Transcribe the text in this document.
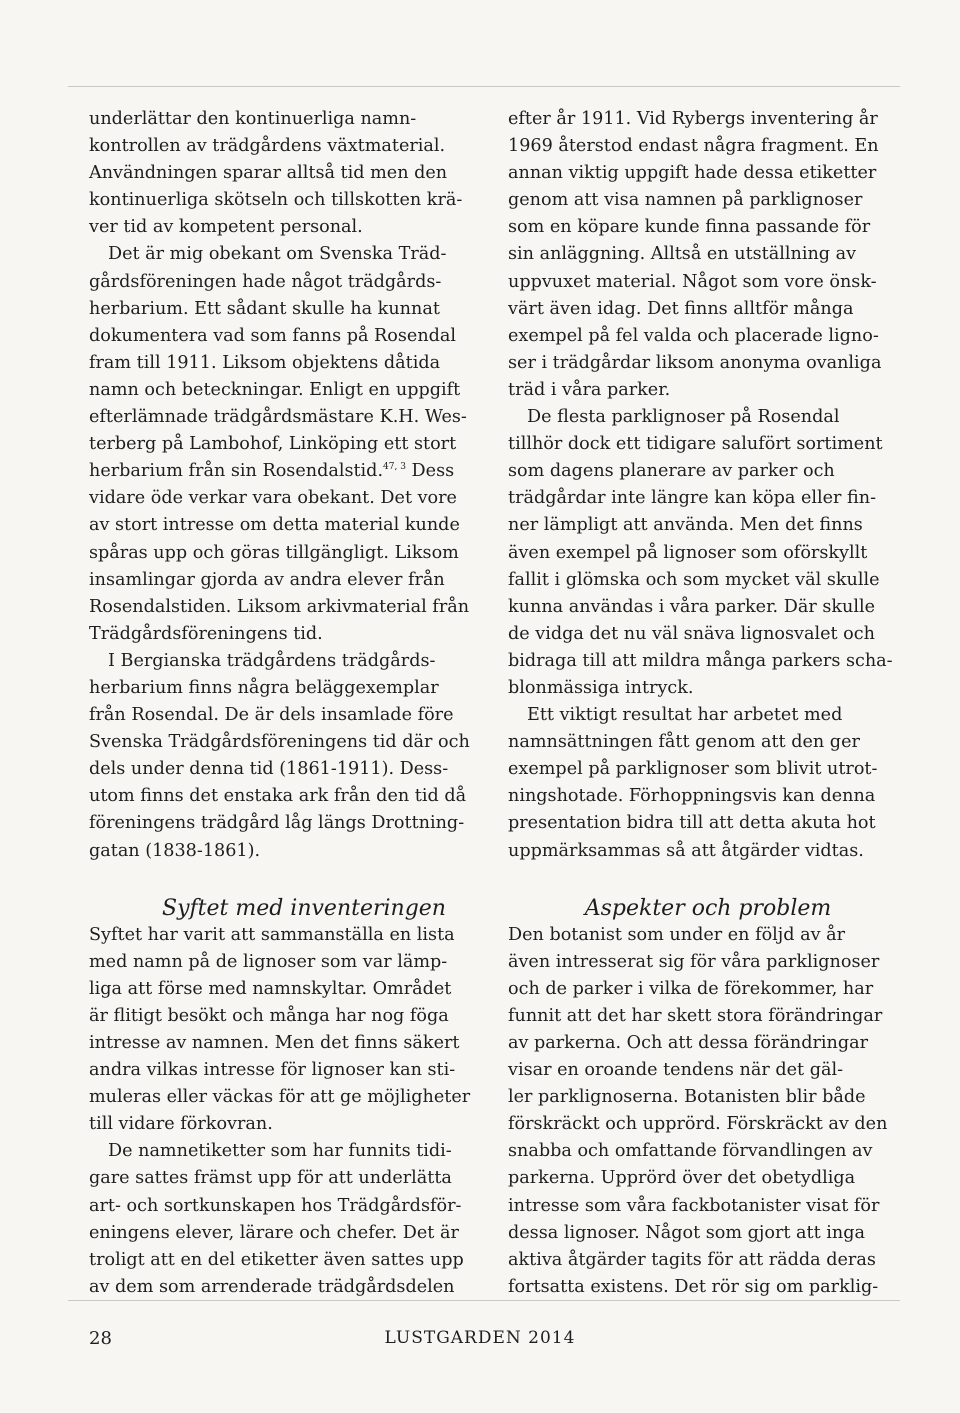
underlättar den kontinuerliga namn-
kontrollen av trädgårdens växtmaterial.
Användningen sparar alltså tid men den
kontinuerliga skötseln och tillskotten krä-
ver tid av kompetent personal.
Det är mig obekant om Svenska Träd-
gårdsföreningen hade något trädgårds-
herbarium. Ett sådant skulle ha kunnat
dokumentera vad som fanns på Rosendal
fram till 1911. Liksom objektens dåtida
namn och beteckningar. Enligt en uppgift
efterlämnade trädgårdsmästare K.H. Wes-
terberg på Lambohof, Linköping ett stort
herbarium från sin Rosendalstid.$^{47, 3}$ Dess
vidare öde verkar vara obekant. Det vore
av stort intresse om detta material kunde
spåras upp och göras tillgängligt. Liksom
insamlingar gjorda av andra elever från
Rosendalstiden. Liksom arkivmaterial från
Trädgårdsföreningens tid.
I Bergianska trädgårdens trädgårds-
herbarium finns några beläggexemplar
från Rosendal. De är dels insamlade före
Svenska Trädgårdsföreningens tid där och
dels under denna tid (1861-1911). Dess-
utom finns det enstaka ark från den tid då
föreningens trädgård låg längs Drottning-
gatan (1838-1861).
Syftet med inventeringen
Syftet har varit att sammanställa en lista
med namn på de lignoser som var lämp-
liga att förse med namnskyltar. Området
är flitigt besökt och många har nog föga
intresse av namnen. Men det finns säkert
andra vilkas intresse för lignoser kan sti-
muleras eller väckas för att ge möjligheter
till vidare förkovran.
De namnetiketter som har funnits tidi-
gare sattes främst upp för att underlätta
art- och sortkunskapen hos Trädgårdsför-
eningens elever, lärare och chefer. Det är
troligt att en del etiketter även sattes upp
av dem som arrenderade trädgårdsdelen
efter år 1911. Vid Rybergs inventering år
1969 återstod endast några fragment. En
annan viktig uppgift hade dessa etiketter
genom att visa namnen på parklignoser
som en köpare kunde finna passande för
sin anläggning. Alltså en utställning av
uppvuxet material. Något som vore önsk-
värt även idag. Det finns alltför många
exempel på fel valda och placerade ligno-
ser i trädgårdar liksom anonyma ovanliga
träd i våra parker.
De flesta parklignoser på Rosendal
tillhör dock ett tidigare salufört sortiment
som dagens planerare av parker och
trädgårdar inte längre kan köpa eller fin-
ner lämpligt att använda. Men det finns
även exempel på lignoser som oförskyllt
fallit i glömska och som mycket väl skulle
kunna användas i våra parker. Där skulle
de vidga det nu väl snäva lignosvalet och
bidraga till att mildra många parkers scha-
blonmässiga intryck.
Ett viktigt resultat har arbetet med
namnsättningen fått genom att den ger
exempel på parklignoser som blivit utrot-
ningshotade. Förhoppningsvis kan denna
presentation bidra till att detta akuta hot
uppmärksammas så att åtgärder vidtas.
Aspekter och problem
Den botanist som under en följd av år
även intresserat sig för våra parklignoser
och de parker i vilka de förekommer, har
funnit att det har skett stora förändringar
av parkerna. Och att dessa förändringar
visar en oroande tendens när det gäl-
ler parklignoserna. Botanisten blir både
förskräckt och upprörd. Förskräckt av den
snabba och omfattande förvandlingen av
parkerna. Upprörd över det obetydliga
intresse som våra fackbotanister visat för
dessa lignoser. Något som gjort att inga
aktiva åtgärder tagits för att rädda deras
fortsatta existens. Det rör sig om parklig-
28	LUSTGARDEN 2014
